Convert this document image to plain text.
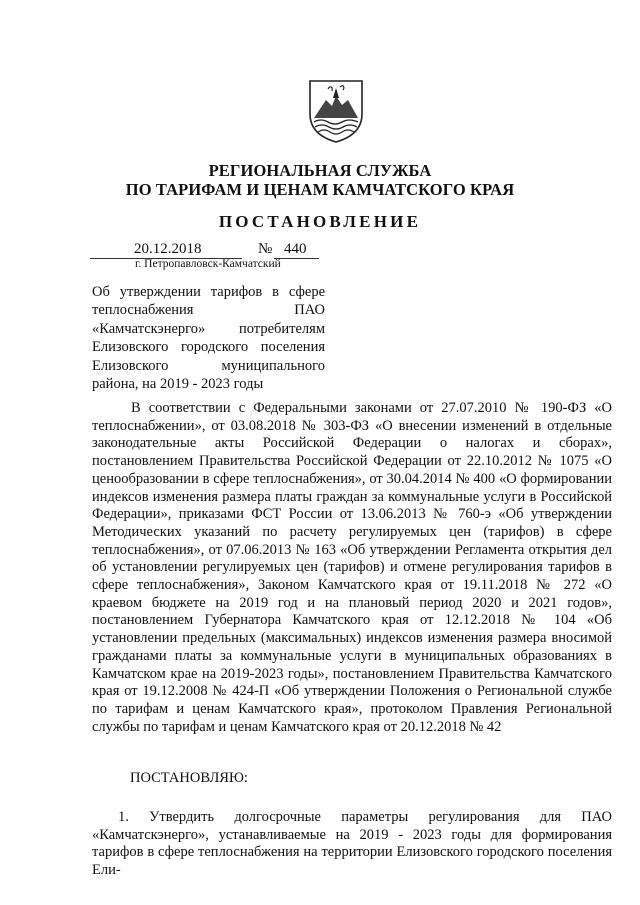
РЕГИОНАЛЬНАЯ СЛУЖБА
ПО ТАРИФАМ И ЦЕНАМ КАМЧАТСКОГО КРАЯ
ПОСТАНОВЛЕНИЕ
20.12.2018	№ 440
г. Петропавловск-Камчатский
Об утверждении тарифов в сфере теплоснабжения ПАО «Камчатскэнерго» потребителям Елизовского городского поселения Елизовского муниципального района, на 2019 - 2023 годы

В соответствии с Федеральными законами от 27.07.2010 № 190-ФЗ «О теплоснабжении», от 03.08.2018 № 303-ФЗ «О внесении изменений в отдельные законодательные акты Российской Федерации о налогах и сборах», постановлением Правительства Российской Федерации от 22.10.2012 № 1075 «О ценообразовании в сфере теплоснабжения», от 30.04.2014 № 400 «О формировании индексов изменения размера платы граждан за коммунальные услуги в Российской Федерации», приказами ФСТ России от 13.06.2013 № 760-э «Об утверждении Методических указаний по расчету регулируемых цен (тарифов) в сфере теплоснабжения», от 07.06.2013 № 163 «Об утверждении Регламента открытия дел об установлении регулируемых цен (тарифов) и отмене регулирования тарифов в сфере теплоснабжения», Законом Камчатского края от 19.11.2018 № 272 «О краевом бюджете на 2019 год и на плановый период 2020 и 2021 годов», постановлением Губернатора Камчатского края от 12.12.2018 № 104 «Об установлении предельных (максимальных) индексов изменения размера вносимой гражданами платы за коммунальные услуги в муниципальных образованиях в Камчатском крае на 2019-2023 годы», постановлением Правительства Камчатского края от 19.12.2008 № 424-П «Об утверждении Положения о Региональной службе по тарифам и ценам Камчатского края», протоколом Правления Региональной службы по тарифам и ценам Камчатского края от 20.12.2018 № 42

ПОСТАНОВЛЯЮ:

1. Утвердить долгосрочные параметры регулирования для ПАО «Камчатскэнерго», устанавливаемые на 2019 - 2023 годы для формирования тарифов в сфере теплоснабжения на территории Елизовского городского поселения Ели-
